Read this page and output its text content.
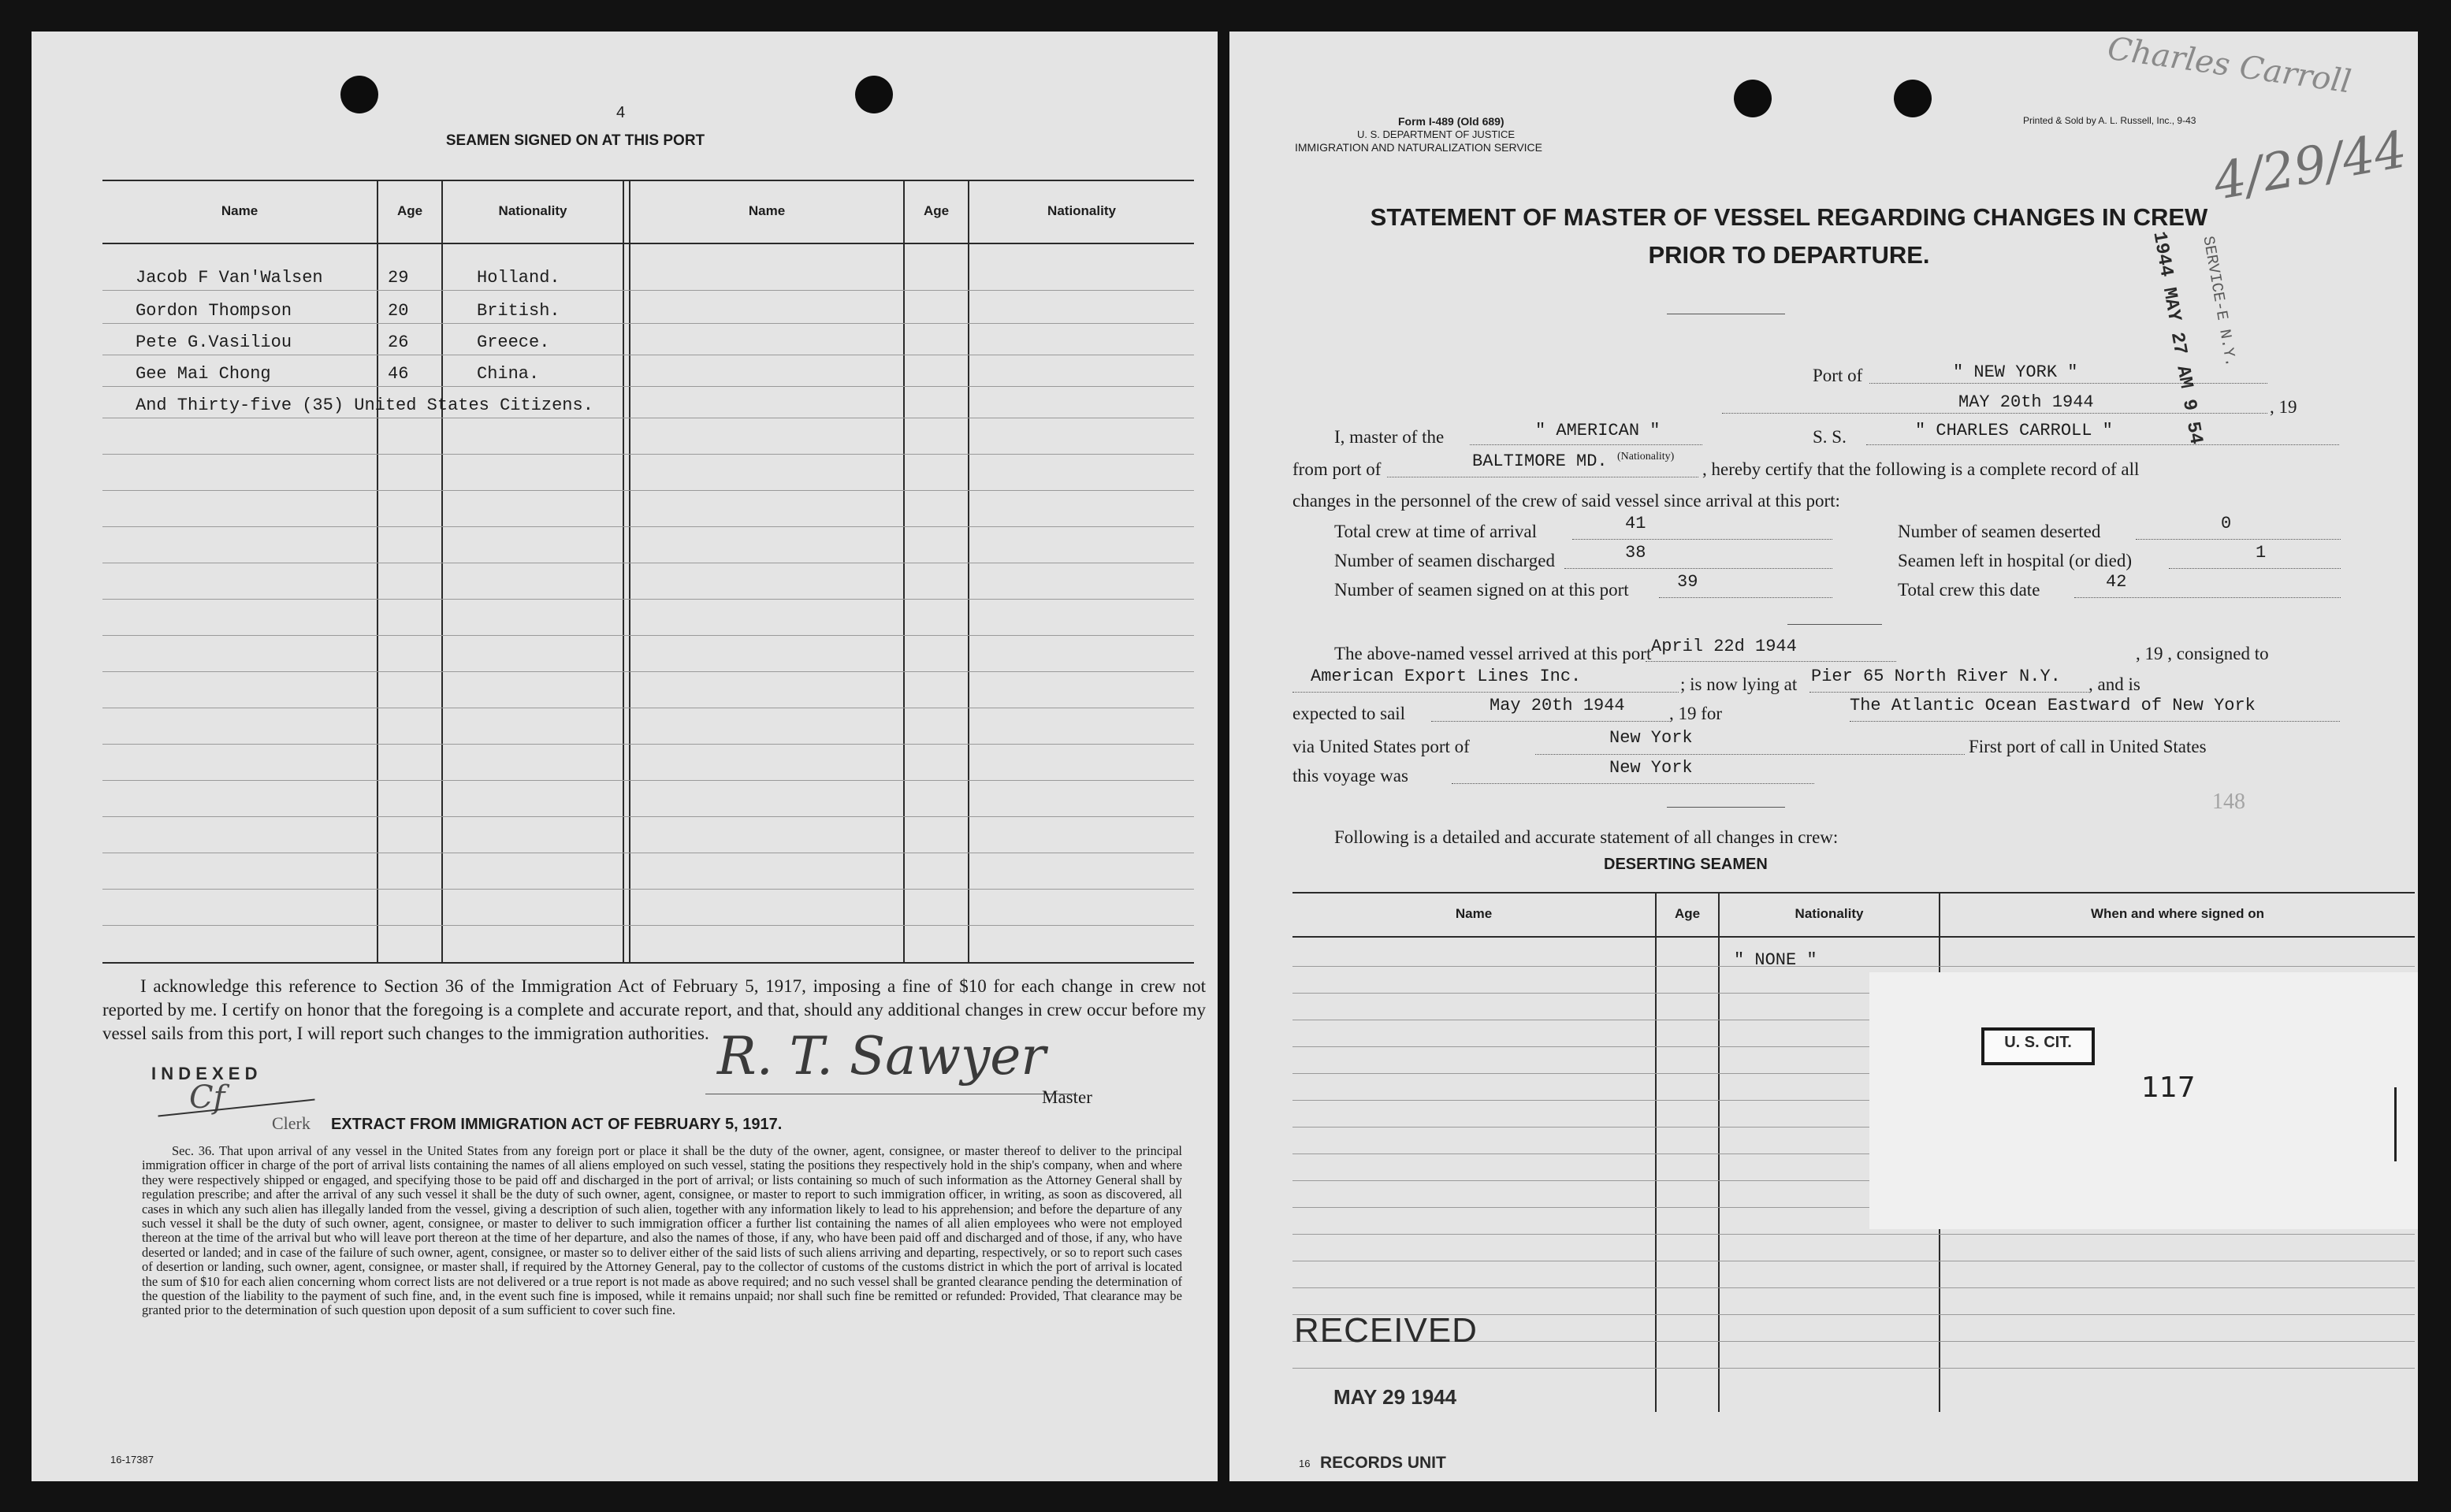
4
SEAMEN SIGNED ON AT THIS PORT
Name	Age	Nationality	Name	Age	Nationality
Jacob F Van'Walsen	29	Holland.
Gordon Thompson	20	British.
Pete G.Vasiliou	26	Greece.
Gee Mai Chong	46	China.
And Thirty-five (35) United States Citizens.
I acknowledge this reference to Section 36 of the Immigration Act of February 5, 1917, imposing a fine of $10 for each change in crew not reported by me. I certify on honor that the foregoing is a complete and accurate report, and that, should any additional changes in crew occur before my vessel sails from this port, I will report such changes to the immigration authorities.
I N D E X E D
Cf
Clerk
R. T. Sawyer
Master
EXTRACT FROM IMMIGRATION ACT OF FEBRUARY 5, 1917.
Sec. 36. That upon arrival of any vessel in the United States from any foreign port or place it shall be the duty of the owner, agent, consignee, or master thereof to deliver to the principal immigration officer in charge of the port of arrival lists containing the names of all aliens employed on such vessel, stating the positions they respectively hold in the ship's company, when and where they were respectively shipped or engaged, and specifying those to be paid off and discharged in the port of arrival; or lists containing so much of such information as the Attorney General shall by regulation prescribe; and after the arrival of any such vessel it shall be the duty of such owner, agent, consignee, or master to report to such immigration officer, in writing, as soon as discovered, all cases in which any such alien has illegally landed from the vessel, giving a description of such alien, together with any information likely to lead to his apprehension; and before the departure of any such vessel it shall be the duty of such owner, agent, consignee, or master to deliver to such immigration officer a further list containing the names of all alien employees who were not employed thereon at the time of the arrival but who will leave port thereon at the time of her departure, and also the names of those, if any, who have been paid off and discharged and of those, if any, who have deserted or landed; and in case of the failure of such owner, agent, consignee, or master so to deliver either of the said lists of such aliens arriving and departing, respectively, or so to report such cases of desertion or landing, such owner, agent, consignee, or master shall, if required by the Attorney General, pay to the collector of customs of the customs district in which the port of arrival is located the sum of $10 for each alien concerning whom correct lists are not delivered or a true report is not made as above required; and no such vessel shall be granted clearance pending the determination of the question of the liability to the payment of such fine, and, in the event such fine is imposed, while it remains unpaid; nor shall such fine be remitted or refunded: Provided, That clearance may be granted prior to the determination of such question upon deposit of a sum sufficient to cover such fine.
16-17387
Form I-489 (Old 689)
U. S. DEPARTMENT OF JUSTICE
IMMIGRATION AND NATURALIZATION SERVICE
Printed & Sold by A. L. Russell, Inc., 9-43
STATEMENT OF MASTER OF VESSEL REGARDING CHANGES IN CREW
PRIOR TO DEPARTURE.
Port of	" NEW YORK "
MAY 20th 1944	, 19
I, master of the	" AMERICAN "
(Nationality)
S. S.	" CHARLES CARROLL "
from port of	BALTIMORE MD.	, hereby certify that the following is a complete record of all
changes in the personnel of the crew of said vessel since arrival at this port:
Total crew at time of arrival	41
Number of seamen discharged	38
Number of seamen signed on at this port	39
Number of seamen deserted	0
Seamen left in hospital (or died)	1
Total crew this date	42
The above-named vessel arrived at this port April 22d 1944	, 19 , consigned to
American Export Lines Inc.	; is now lying at Pier 65 North River N.Y. , and is
expected to sail	May 20th 1944 , 19 for	The Atlantic Ocean Eastward of New York
via United States port of	New York	First port of call in United States
this voyage was	New York
148
Following is a detailed and accurate statement of all changes in crew:
DESERTING SEAMEN
Name	Age	Nationality	When and where signed on
" NONE "
U. S. CIT.
117
RECEIVED
MAY 29 1944
16 RECORDS UNIT
Charles Carroll
4/29/44
1944 MAY 27 AM 9 54
SERVICE-E N.Y.
